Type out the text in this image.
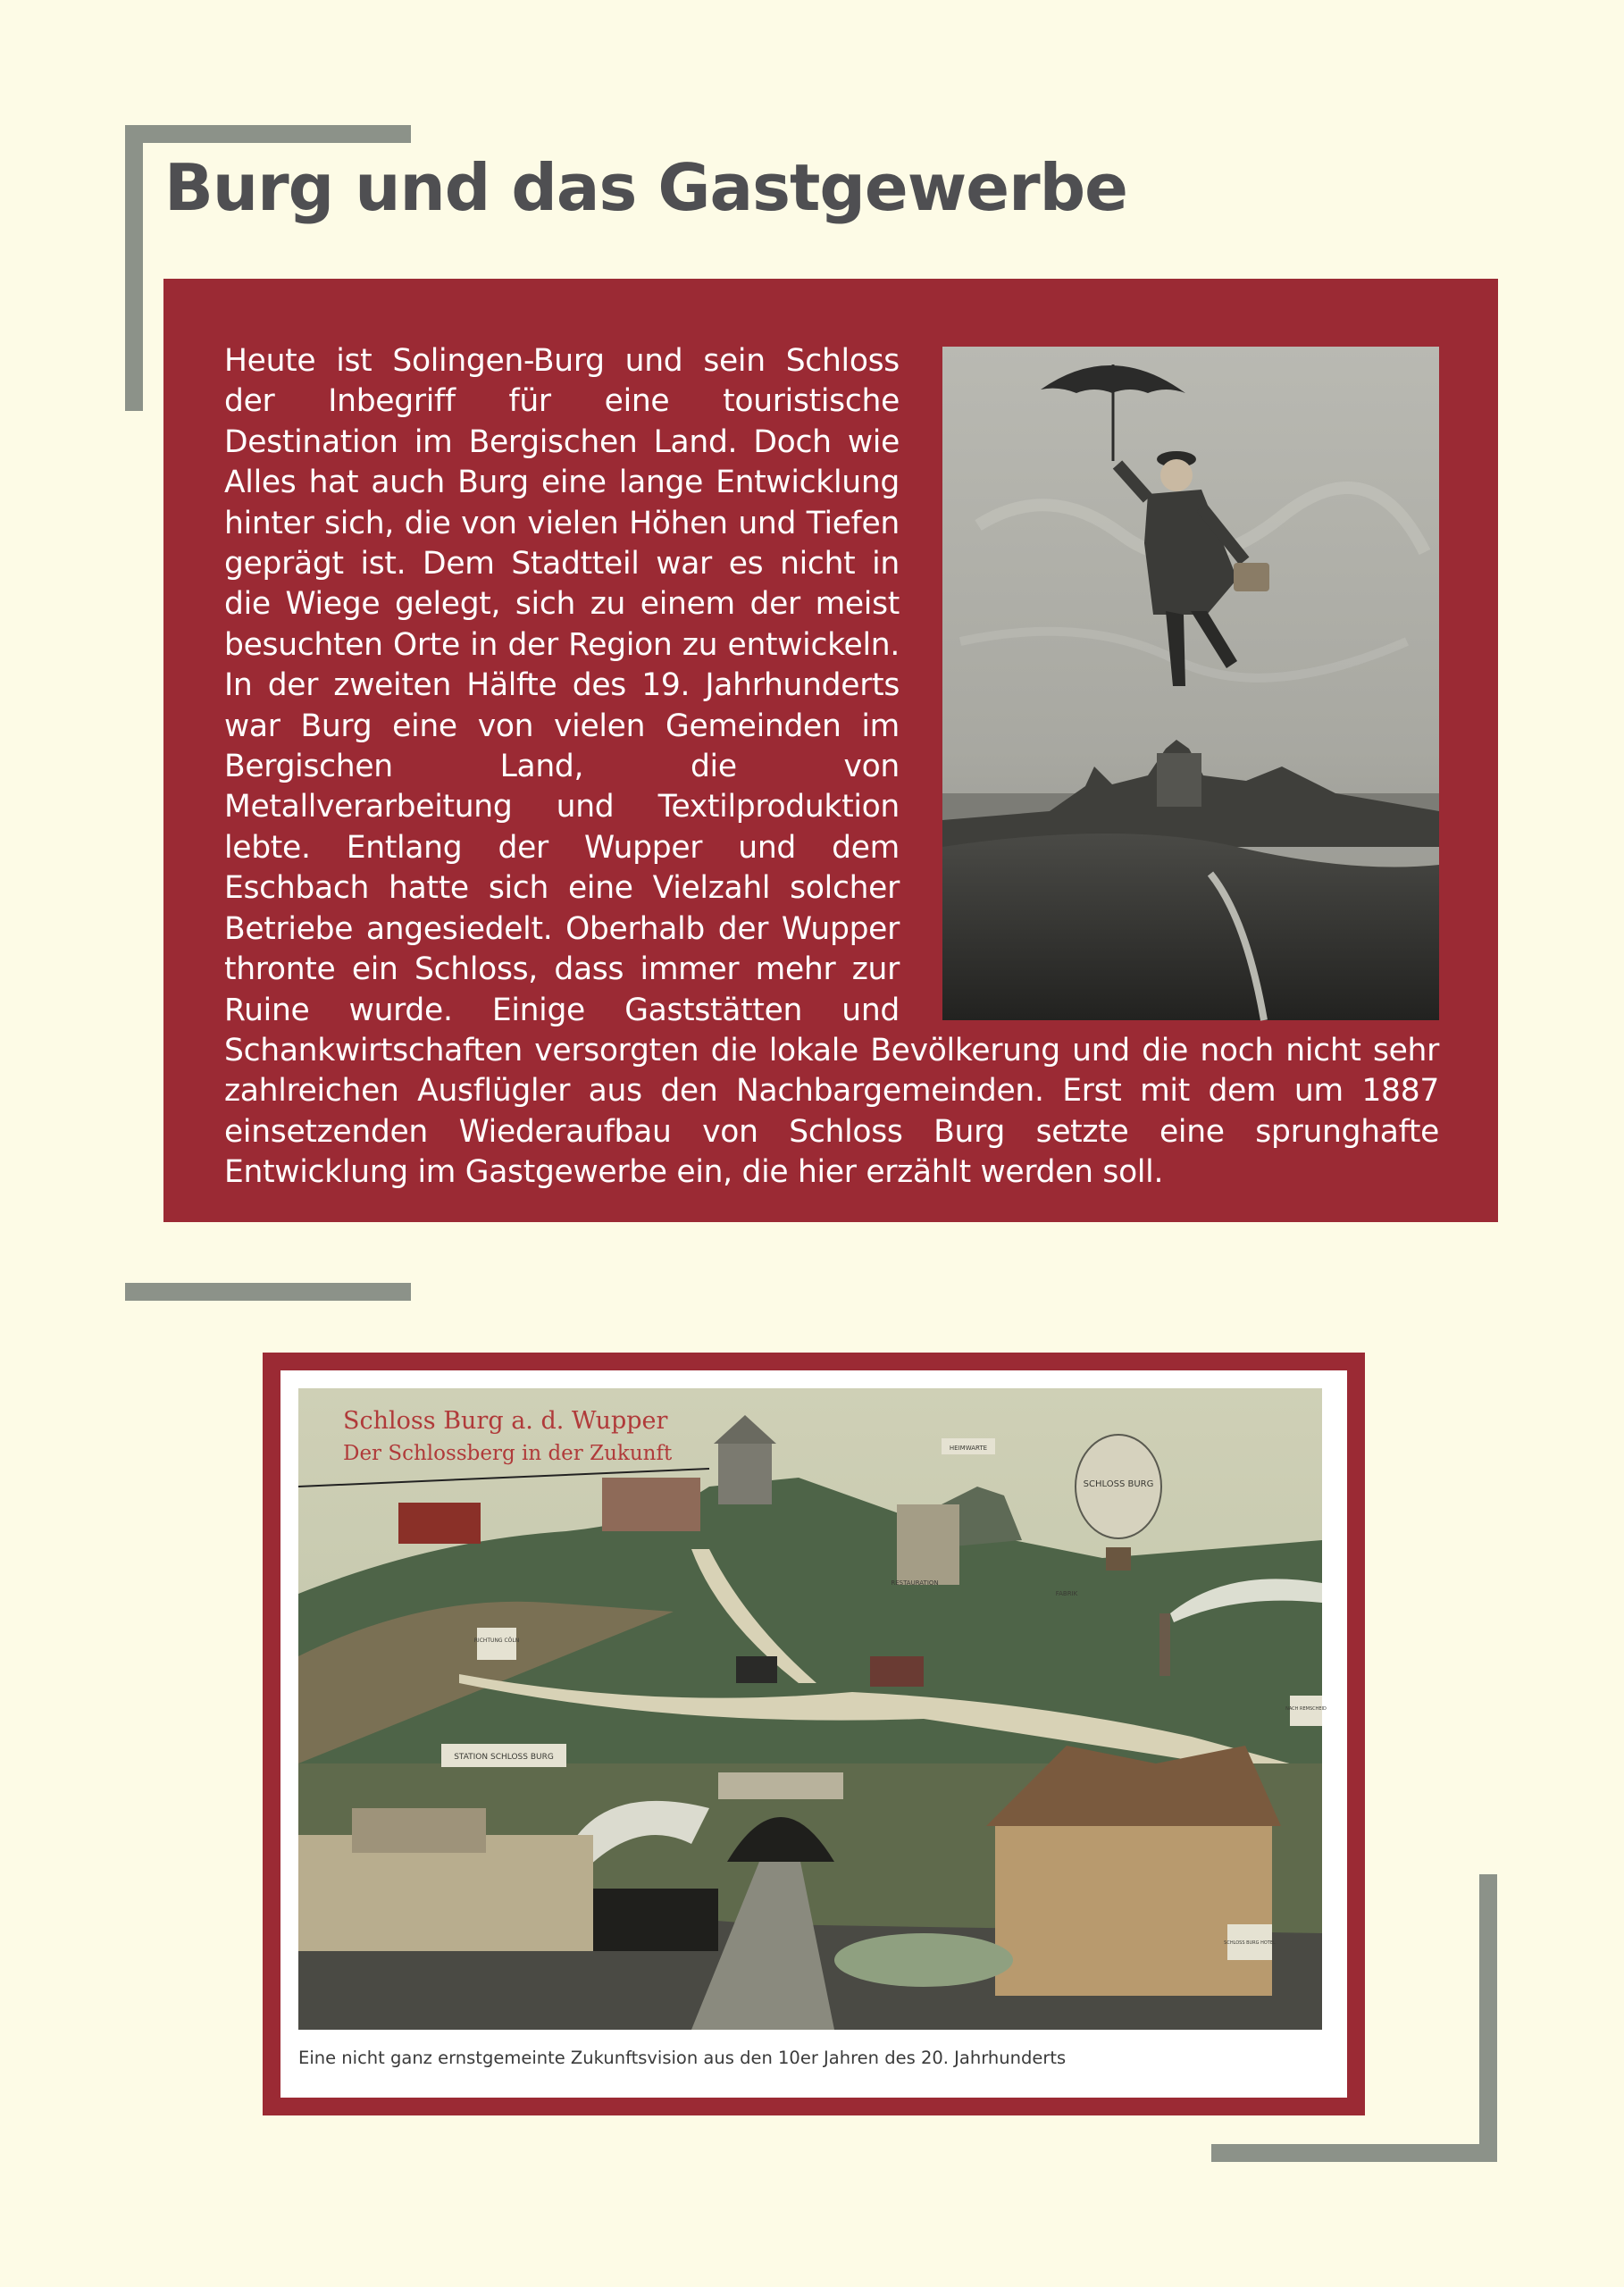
Burg und das Gastgewerbe
Heute ist Solingen-Burg und sein Schloss der Inbegriff für eine touristische Destination im Bergischen Land. Doch wie Alles hat auch Burg eine lange Entwicklung hinter sich, die von vielen Höhen und Tiefen geprägt ist. Dem Stadtteil war es nicht in die Wiege gelegt, sich zu einem der meist besuchten Orte in der Region zu entwickeln. In der zweiten Hälfte des 19. Jahrhunderts war Burg eine von vielen Gemeinden im Bergischen Land, die von Metallverarbeitung und Textilproduktion lebte. Entlang der Wupper und dem Eschbach hatte sich eine Vielzahl solcher Betriebe angesiedelt. Oberhalb der Wupper thronte ein Schloss, dass immer mehr zur Ruine wurde. Einige Gaststätten und Schankwirtschaften versorgten die lokale Bevölkerung und die noch nicht sehr zahlreichen Ausflügler aus den Nachbargemeinden. Erst mit dem um 1887 einsetzenden Wiederaufbau von Schloss Burg setzte eine sprunghafte Entwicklung im Gastgewerbe ein, die hier erzählt werden soll.
Schloss Burg a. d. Wupper
Der Schlossberg in der Zukunft
SCHLOSS BURG
HEIMWARTE
RICHTUNG CÖLN
NACH REMSCHEID
STATION SCHLOSS BURG
SCHLOSS BURG HOTEL
RESTAURATION
FABRIK

Eine nicht ganz ernstgemeinte Zukunftsvision aus den 10er Jahren des 20. Jahrhunderts
